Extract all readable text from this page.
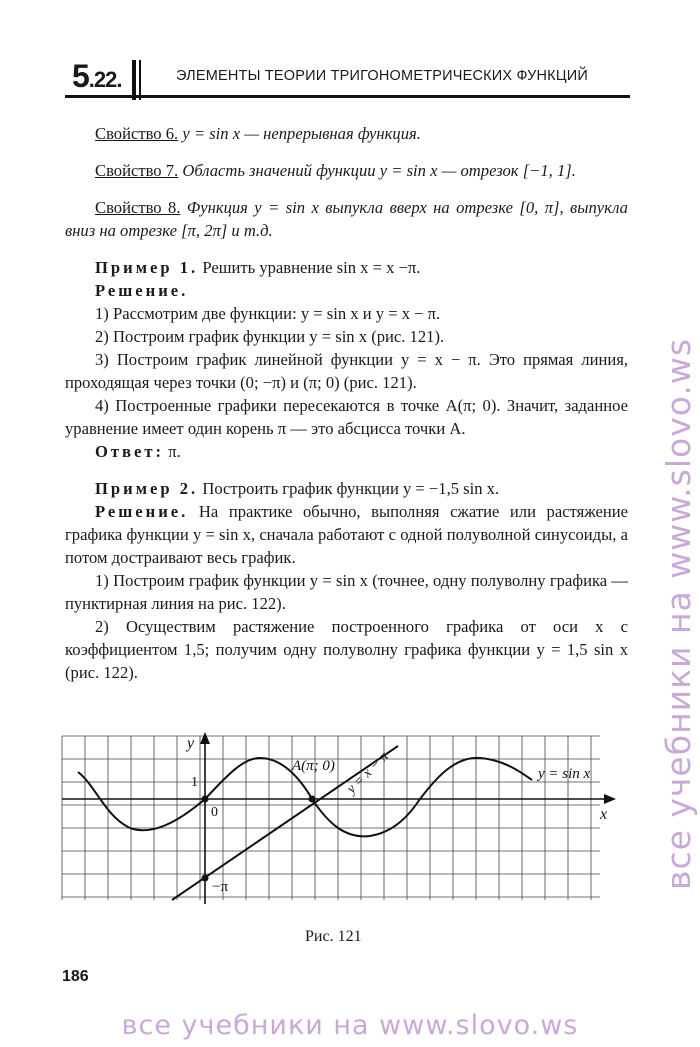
5.22.	ЭЛЕМЕНТЫ ТЕОРИИ ТРИГОНОМЕТРИЧЕСКИХ ФУНКЦИЙ

Свойство 6. y = sin x — непрерывная функция.

Свойство 7. Область значений функции y = sin x — отрезок [−1, 1].

Свойство 8. Функция y = sin x выпукла вверх на отрезке [0, π], выпукла вниз на отрезке [π, 2π] и т.д.

Пример 1. Решить уравнение sin x = x −π.

Решение.

1) Рассмотрим две функции: y = sin x и y = x − π.

2) Построим график функции y = sin x (рис. 121).

3) Построим график линейной функции y = x − π. Это прямая линия, проходящая через точки (0; −π) и (π; 0) (рис. 121).

4) Построенные графики пересекаются в точке A(π; 0). Значит, заданное уравнение имеет один корень π — это абсцисса точки A.

Ответ: π.

Пример 2. Построить график функции y = −1,5 sin x.

Решение. На практике обычно, выполняя сжатие или растяжение графика функции y = sin x, сначала работают с одной полуволной синусоиды, а потом достраивают весь график.

1) Построим график функции y = sin x (точнее, одну полуволну графика — пунктирная линия на рис. 122).

2) Осуществим растяжение построенного графика от оси x с коэффициентом 1,5; получим одну полуволну графика функции y = 1,5 sin x (рис. 122).

y
x
1
0
−π
A(π; 0) y = x − π	y = sin x
Рис. 121
186
все учебники на www.slovo.ws
все учебники на www.slovo.ws
